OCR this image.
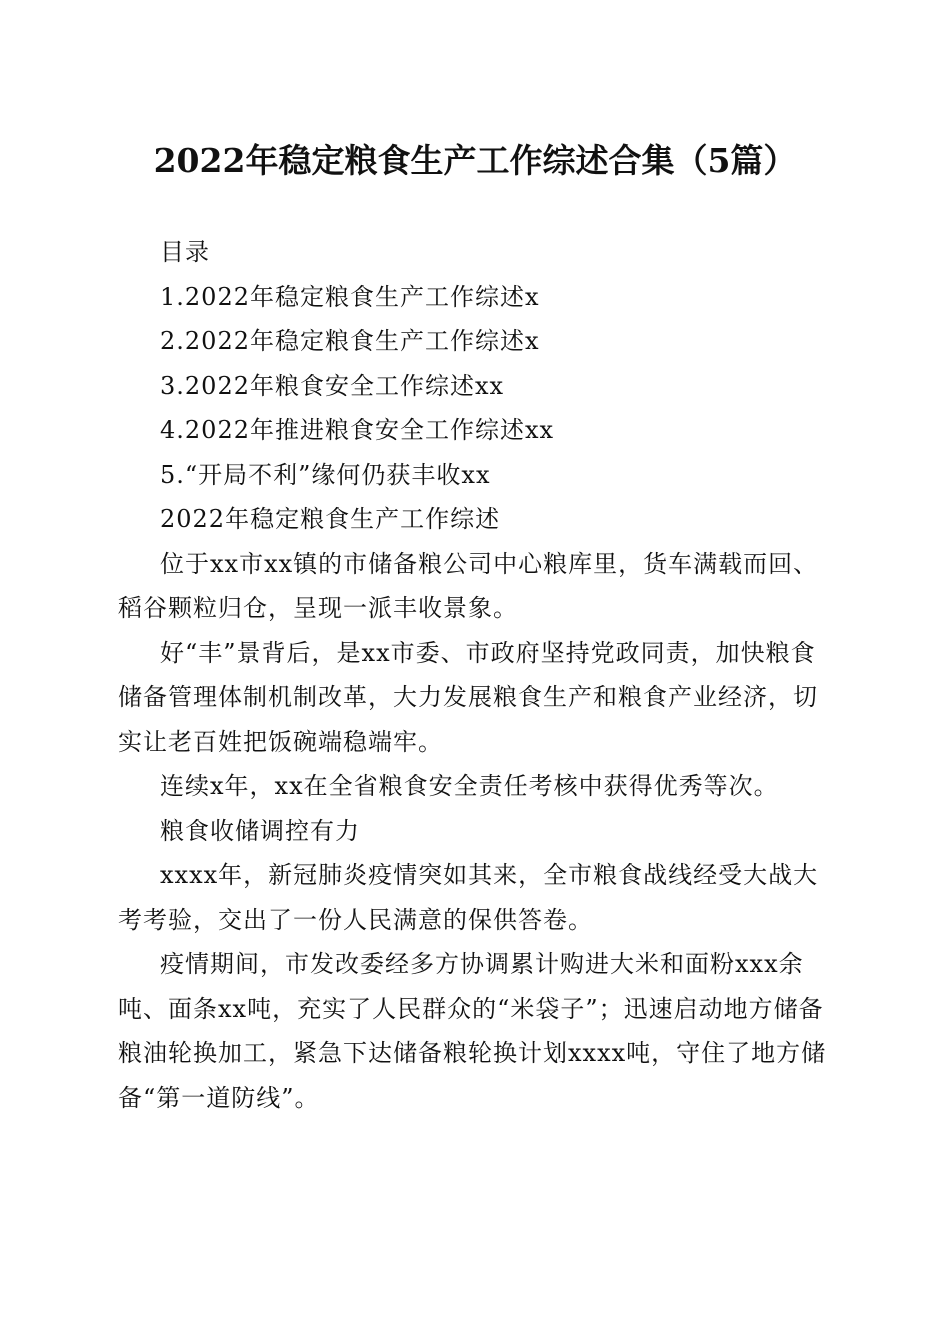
2022年稳定粮食生产工作综述合集（5篇）

目录

1.2022年稳定粮食生产工作综述x

2.2022年稳定粮食生产工作综述x

3.2022年粮食安全工作综述xx

4.2022年推进粮食安全工作综述xx

5.“开局不利”缘何仍获丰收xx

2022年稳定粮食生产工作综述

位于xx市xx镇的市储备粮公司中心粮库里，货车满载而回、稻谷颗粒归仓，呈现一派丰收景象。

好“丰”景背后，是xx市委、市政府坚持党政同责，加快粮食储备管理体制机制改革，大力发展粮食生产和粮食产业经济，切实让老百姓把饭碗端稳端牢。

连续x年，xx在全省粮食安全责任考核中获得优秀等次。

粮食收储调控有力

xxxx年，新冠肺炎疫情突如其来，全市粮食战线经受大战大考考验，交出了一份人民满意的保供答卷。

疫情期间，市发改委经多方协调累计购进大米和面粉xxx余吨、面条xx吨，充实了人民群众的“米袋子”；迅速启动地方储备粮油轮换加工，紧急下达储备粮轮换计划xxxx吨，守住了地方储备“第一道防线”。
